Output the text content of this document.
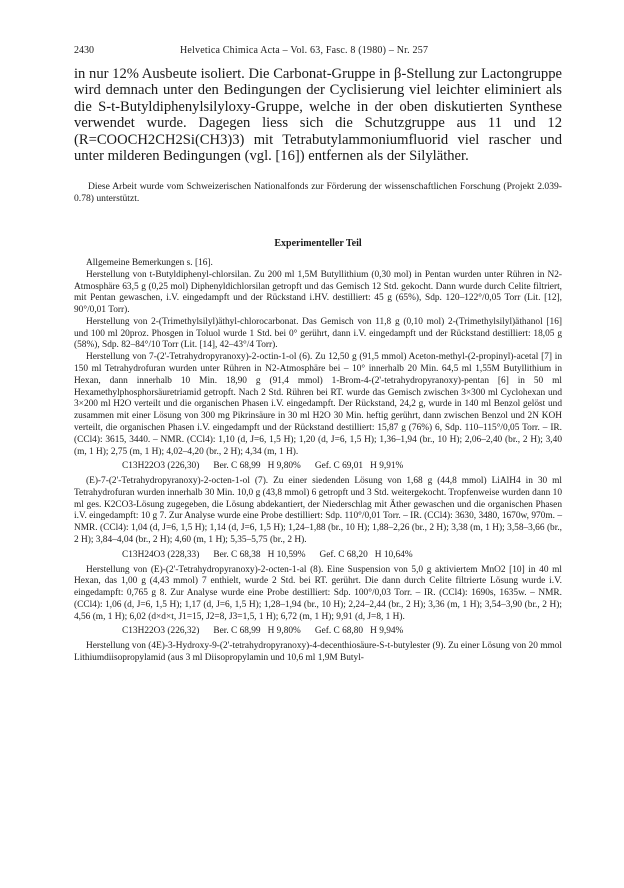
2430	Helvetica Chimica Acta – Vol. 63, Fasc. 8 (1980) – Nr. 257
in nur 12% Ausbeute isoliert. Die Carbonat-Gruppe in β-Stellung zur Lactongruppe wird demnach unter den Bedingungen der Cyclisierung viel leichter eliminiert als die S-t-Butyldiphenylsilyloxy-Gruppe, welche in der oben diskutierten Synthese verwendet wurde. Dagegen liess sich die Schutzgruppe aus 11 und 12 (R=COOCH2CH2Si(CH3)3) mit Tetrabutylammoniumfluorid viel rascher und unter milderen Bedingungen (vgl. [16]) entfernen als der Silyläther.
Diese Arbeit wurde vom Schweizerischen Nationalfonds zur Förderung der wissenschaftlichen Forschung (Projekt 2.039-0.78) unterstützt.
Experimenteller Teil

Allgemeine Bemerkungen s. [16].

Herstellung von t-Butyldiphenyl-chlorsilan. Zu 200 ml 1,5M Butyllithium (0,30 mol) in Pentan wurden unter Rühren in N2-Atmosphäre 63,5 g (0,25 mol) Diphenyldichlorsilan getropft und das Gemisch 12 Std. gekocht. Dann wurde durch Celite filtriert, mit Pentan gewaschen, i.V. eingedampft und der Rückstand i.HV. destilliert: 45 g (65%), Sdp. 120–122°/0,05 Torr (Lit. [12], 90°/0,01 Torr).

Herstellung von 2-(Trimethylsilyl)äthyl-chlorocarbonat. Das Gemisch von 11,8 g (0,10 mol) 2-(Trimethylsilyl)äthanol [16] und 100 ml 20proz. Phosgen in Toluol wurde 1 Std. bei 0° gerührt, dann i.V. eingedampft und der Rückstand destilliert: 18,05 g (58%), Sdp. 82–84°/10 Torr (Lit. [14], 42–43°/4 Torr).

Herstellung von 7-(2'-Tetrahydropyranoxy)-2-octin-1-ol (6). Zu 12,50 g (91,5 mmol) Aceton-methyl-(2-propinyl)-acetal [7] in 150 ml Tetrahydrofuran wurden unter Rühren in N2-Atmosphäre bei – 10° innerhalb 20 Min. 64,5 ml 1,55M Butyllithium in Hexan, dann innerhalb 10 Min. 18,90 g (91,4 mmol) 1-Brom-4-(2'-tetrahydropyranoxy)-pentan [6] in 50 ml Hexamethylphosphorsäuretriamid getropft. Nach 2 Std. Rühren bei RT. wurde das Gemisch zwischen 3×300 ml Cyclohexan und 3×200 ml H2O verteilt und die organischen Phasen i.V. eingedampft. Der Rückstand, 24,2 g, wurde in 140 ml Benzol gelöst und zusammen mit einer Lösung von 300 mg Pikrinsäure in 30 ml H2O 30 Min. heftig gerührt, dann zwischen Benzol und 2N KOH verteilt, die organischen Phasen i.V. eingedampft und der Rückstand destilliert: 15,87 g (76%) 6, Sdp. 110–115°/0,05 Torr. – IR. (CCl4): 3615, 3440. – NMR. (CCl4): 1,10 (d, J=6, 1,5 H); 1,20 (d, J=6, 1,5 H); 1,36–1,94 (br., 10 H); 2,06–2,40 (br., 2 H); 3,40 (m, 1 H); 2,75 (m, 1 H); 4,02–4,20 (br., 2 H); 4,34 (m, 1 H).

C13H22O3 (226,30)      Ber. C 68,99   H 9,80%      Gef. C 69,01   H 9,91%

(E)-7-(2'-Tetrahydropyranoxy)-2-octen-1-ol (7). Zu einer siedenden Lösung von 1,68 g (44,8 mmol) LiAlH4 in 30 ml Tetrahydrofuran wurden innerhalb 30 Min. 10,0 g (43,8 mmol) 6 getropft und 3 Std. weitergekocht. Tropfenweise wurden dann 10 ml ges. K2CO3-Lösung zugegeben, die Lösung abdekantiert, der Niederschlag mit Äther gewaschen und die organischen Phasen i.V. eingedampft: 10 g 7. Zur Analyse wurde eine Probe destilliert: Sdp. 110°/0,01 Torr. – IR. (CCl4): 3630, 3480, 1670w, 970m. – NMR. (CCl4): 1,04 (d, J=6, 1,5 H); 1,14 (d, J=6, 1,5 H); 1,24–1,88 (br., 10 H); 1,88–2,26 (br., 2 H); 3,38 (m, 1 H); 3,58–3,66 (br., 2 H); 3,84–4,04 (br., 2 H); 4,60 (m, 1 H); 5,35–5,75 (br., 2 H).

C13H24O3 (228,33)      Ber. C 68,38   H 10,59%      Gef. C 68,20   H 10,64%

Herstellung von (E)-(2'-Tetrahydropyranoxy)-2-octen-1-al (8). Eine Suspension von 5,0 g aktiviertem MnO2 [10] in 40 ml Hexan, das 1,00 g (4,43 mmol) 7 enthielt, wurde 2 Std. bei RT. gerührt. Die dann durch Celite filtrierte Lösung wurde i.V. eingedampft: 0,765 g 8. Zur Analyse wurde eine Probe destilliert: Sdp. 100°/0,03 Torr. – IR. (CCl4): 1690s, 1635w. – NMR. (CCl4): 1,06 (d, J=6, 1,5 H); 1,17 (d, J=6, 1,5 H); 1,28–1,94 (br., 10 H); 2,24–2,44 (br., 2 H); 3,36 (m, 1 H); 3,54–3,90 (br., 2 H); 4,56 (m, 1 H); 6,02 (d×d×t, J1=15, J2=8, J3=1,5, 1 H); 6,72 (m, 1 H); 9,91 (d, J=8, 1 H).

C13H22O3 (226,32)      Ber. C 68,99   H 9,80%      Gef. C 68,80   H 9,94%

Herstellung von (4E)-3-Hydroxy-9-(2'-tetrahydropyranoxy)-4-decenthiosäure-S-t-butylester (9). Zu einer Lösung von 20 mmol Lithiumdiisopropylamid (aus 3 ml Diisopropylamin und 10,6 ml 1,9M Butyl-
